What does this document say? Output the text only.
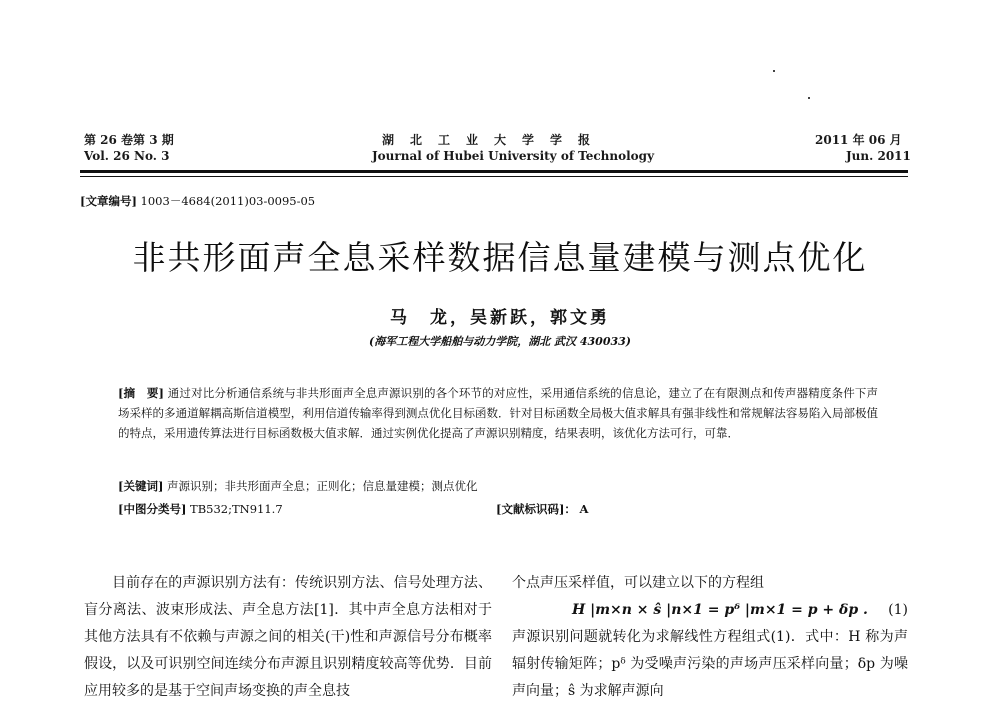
第 26 卷第 3 期
Vol. 26 No. 3
湖　北　工　业　大　学　学　报
Journal of Hubei University of Technology
2011 年 06 月
Jun. 2011
[文章编号] 1003－4684(2011)03-0095-05
非共形面声全息采样数据信息量建模与测点优化
马　龙，吴新跃，郭文勇
(海军工程大学船舶与动力学院，湖北 武汉 430033)
[摘　要] 通过对比分析通信系统与非共形面声全息声源识别的各个环节的对应性，采用通信系统的信息论，建立了在有限测点和传声器精度条件下声场采样的多通道解耦高斯信道模型，利用信道传输率得到测点优化目标函数．针对目标函数全局极大值求解具有强非线性和常规解法容易陷入局部极值的特点，采用遗传算法进行目标函数极大值求解．通过实例优化提高了声源识别精度，结果表明，该优化方法可行，可靠．
[关键词] 声源识别；非共形面声全息；正则化；信息量建模；测点优化
[中图分类号] TB532;TN911.7	[文献标识码]： A

目前存在的声源识别方法有：传统识别方法、信号处理方法、盲分离法、波束形成法、声全息方法[1]．其中声全息方法相对于其他方法具有不依赖与声源之间的相关(干)性和声源信号分布概率假设，以及可识别空间连续分布声源且识别精度较高等优势．目前应用较多的是基于空间声场变换的声全息技

个点声压采样值，可以建立以下的方程组
H |m×n × ŝ |n×1 = pᵟ |m×1 = p + δp . (1)
声源识别问题就转化为求解线性方程组式(1)．式中：H 称为声辐射传输矩阵；pᵟ 为受噪声污染的声场声压采样向量；δp 为噪声向量；ŝ 为求解声源向
